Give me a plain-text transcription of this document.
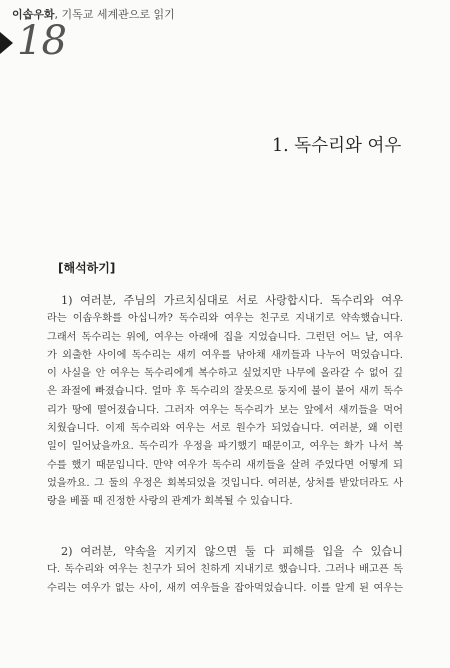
이솝우화, 기독교 세계관으로 읽기
18
1. 독수리와 여우
[해석하기]
1) 여러분, 주님의 가르치심대로 서로 사랑합시다. 독수리와 여우
라는 이솝우화를 아십니까? 독수리와 여우는 친구로 지내기로 약속했습니다.
그래서 독수리는 위에, 여우는 아래에 집을 지었습니다. 그런던 어느 날, 여우
가 외출한 사이에 독수리는 새끼 여우를 낚아채 새끼들과 나누어 먹었습니다.
이 사실을 안 여우는 독수리에게 복수하고 싶었지만 나무에 올라갈 수 없어 깊
은 좌절에 빠졌습니다. 얼마 후 독수리의 잘못으로 둥지에 불이 붙어 새끼 독수
리가 땅에 떨어졌습니다. 그러자 여우는 독수리가 보는 앞에서 새끼들을 먹어
치웠습니다. 이제 독수리와 여우는 서로 원수가 되었습니다. 여러분, 왜 이런
일이 일어났을까요. 독수리가 우정을 파기했기 때문이고, 여우는 화가 나서 복
수를 했기 때문입니다. 만약 여우가 독수리 새끼들을 살려 주었다면 어떻게 되
었을까요. 그 둘의 우정은 회복되었을 것입니다. 여러분, 상처를 받았더라도 사
랑을 베풀 때 진정한 사랑의 관계가 회복될 수 있습니다.
2) 여러분, 약속을 지키지 않으면 둘 다 피해를 입을 수 있습니
다. 독수리와 여우는 친구가 되어 친하게 지내기로 했습니다. 그러나 배고픈 독
수리는 여우가 없는 사이, 새끼 여우들을 잡아먹었습니다. 이를 알게 된 여우는
